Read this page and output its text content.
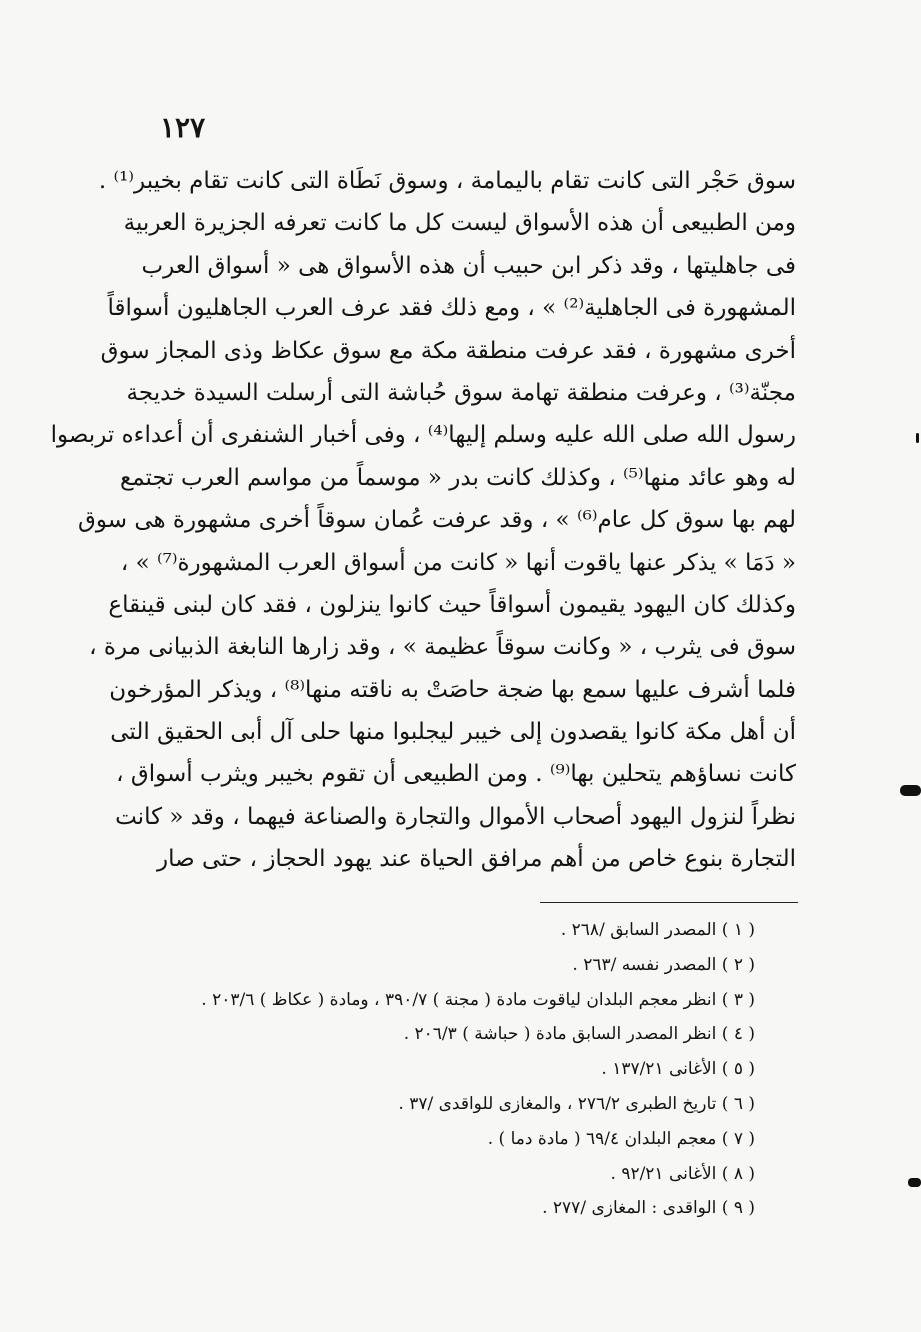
١٢٧
سوق حَجْر التى كانت تقام باليمامة ، وسوق نَطَاة التى كانت تقام بخيبر⁽¹⁾ .
ومن الطبيعى أن هذه الأسواق ليست كل ما كانت تعرفه الجزيرة العربية
فى جاهليتها ، وقد ذكر ابن حبيب أن هذه الأسواق هى « أسواق العرب
المشهورة فى الجاهلية⁽²⁾ » ، ومع ذلك فقد عرف العرب الجاهليون أسواقاً
أخرى مشهورة ، فقد عرفت منطقة مكة مع سوق عكاظ وذى المجاز سوق
مجنّة⁽³⁾ ، وعرفت منطقة تهامة سوق حُباشة التى أرسلت السيدة خديجة
رسول الله صلى الله عليه وسلم إليها⁽⁴⁾ ، وفى أخبار الشنفرى أن أعداءه تربصوا
له وهو عائد منها⁽⁵⁾ ، وكذلك كانت بدر « موسماً من مواسم العرب تجتمع
لهم بها سوق كل عام⁽⁶⁾ » ، وقد عرفت عُمان سوقاً أخرى مشهورة هى سوق
« دَمَا » يذكر عنها ياقوت أنها « كانت من أسواق العرب المشهورة⁽⁷⁾ » ،
وكذلك كان اليهود يقيمون أسواقاً حيث كانوا ينزلون ، فقد كان لبنى قينقاع
سوق فى يثرب ، « وكانت سوقاً عظيمة » ، وقد زارها النابغة الذبيانى مرة ،
فلما أشرف عليها سمع بها ضجة حاصَتْ به ناقته منها⁽⁸⁾ ، ويذكر المؤرخون
أن أهل مكة كانوا يقصدون إلى خيبر ليجلبوا منها حلى آل أبى الحقيق التى
كانت نساؤهم يتحلين بها⁽⁹⁾ . ومن الطبيعى أن تقوم بخيبر ويثرب أسواق ،
نظراً لنزول اليهود أصحاب الأموال والتجارة والصناعة فيهما ، وقد « كانت
التجارة بنوع خاص من أهم مرافق الحياة عند يهود الحجاز ، حتى صار
( ١ ) المصدر السابق /٢٦٨ .
( ٢ ) المصدر نفسه /٢٦٣ .
( ٣ ) انظر معجم البلدان لياقوت مادة ( مجنة ) ٣٩٠/٧ ، ومادة ( عكاظ ) ٢٠٣/٦ .
( ٤ ) انظر المصدر السابق مادة ( حباشة ) ٢٠٦/٣ .
( ٥ ) الأغانى ١٣٧/٢١ .
( ٦ ) تاريخ الطبرى ٢٧٦/٢ ، والمغازى للواقدى /٣٧ .
( ٧ ) معجم البلدان ٦٩/٤ ( مادة دما ) .
( ٨ ) الأغانى ٩٢/٢١ .
( ٩ ) الواقدى : المغازى /٢٧٧ .
